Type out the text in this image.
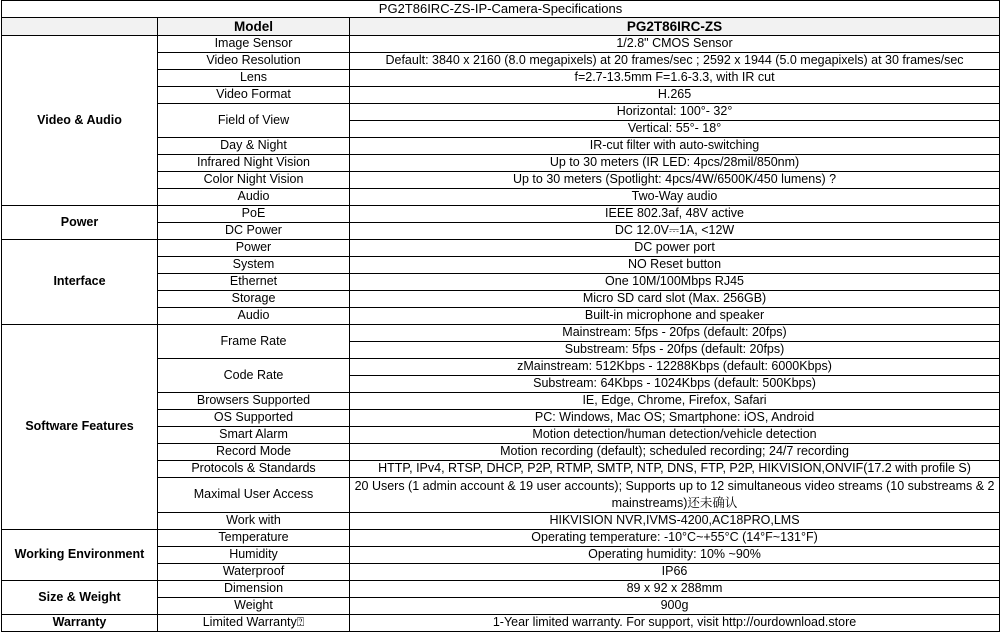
PG2T86IRC-ZS-IP-Camera-Specifications		
	Model	PG2T86IRC-ZS
Video & Audio	Image Sensor	1/2.8" CMOS Sensor
	Video Resolution	Default: 3840 x 2160 (8.0 megapixels) at 20 frames/sec ; 2592 x 1944 (5.0 megapixels) at 30 frames/sec
	Lens	f=2.7-13.5mm F=1.6-3.3, with IR cut
	Video Format	H.265
	Field of View	Horizontal: 100°- 32°
		Vertical: 55°- 18°
	Day & Night	IR-cut filter with auto-switching
	Infrared Night Vision	Up to 30 meters (IR LED: 4pcs/28mil/850nm)
	Color Night Vision	Up to 30 meters (Spotlight: 4pcs/4W/6500K/450 lumens) ?
	Audio	Two-Way audio
Power	PoE	IEEE 802.3af, 48V active
	DC Power	DC 12.0V⎓1A, <12W
Interface	Power	DC power port
	System	NO Reset button
	Ethernet	One 10M/100Mbps RJ45
	Storage	Micro SD card slot (Max. 256GB)
	Audio	Built-in microphone and speaker
Software Features	Frame Rate	Mainstream: 5fps - 20fps (default: 20fps)
		Substream: 5fps - 20fps (default: 20fps)
	Code Rate	zMainstream: 512Kbps - 12288Kbps (default: 6000Kbps)
		Substream: 64Kbps - 1024Kbps (default: 500Kbps)
	Browsers Supported	IE, Edge, Chrome, Firefox, Safari
	OS Supported	PC: Windows, Mac OS; Smartphone: iOS, Android
	Smart Alarm	Motion detection/human detection/vehicle detection
	Record Mode	Motion recording (default); scheduled recording; 24/7 recording
	Protocols & Standards	HTTP, IPv4, RTSP, DHCP, P2P, RTMP, SMTP, NTP, DNS, FTP, P2P, HIKVISION,ONVIF(17.2 with profile S)
	Maximal User Access	20 Users (1 admin account & 19 user accounts); Supports up to 12 simultaneous video streams (10 substreams & 2 mainstreams)还未确认
	Work with	HIKVISION NVR,IVMS-4200,AC18PRO,LMS
Working Environment	Temperature	Operating temperature: -10°C~+55°C (14°F~131°F)
	Humidity	Operating humidity: 10% ~90%
	Waterproof	IP66
Size & Weight	Dimension	89 x 92 x 288mm
	Weight	900g
Warranty	Limited Warranty⍰	1-Year limited warranty. For support, visit http://ourdownload.store
